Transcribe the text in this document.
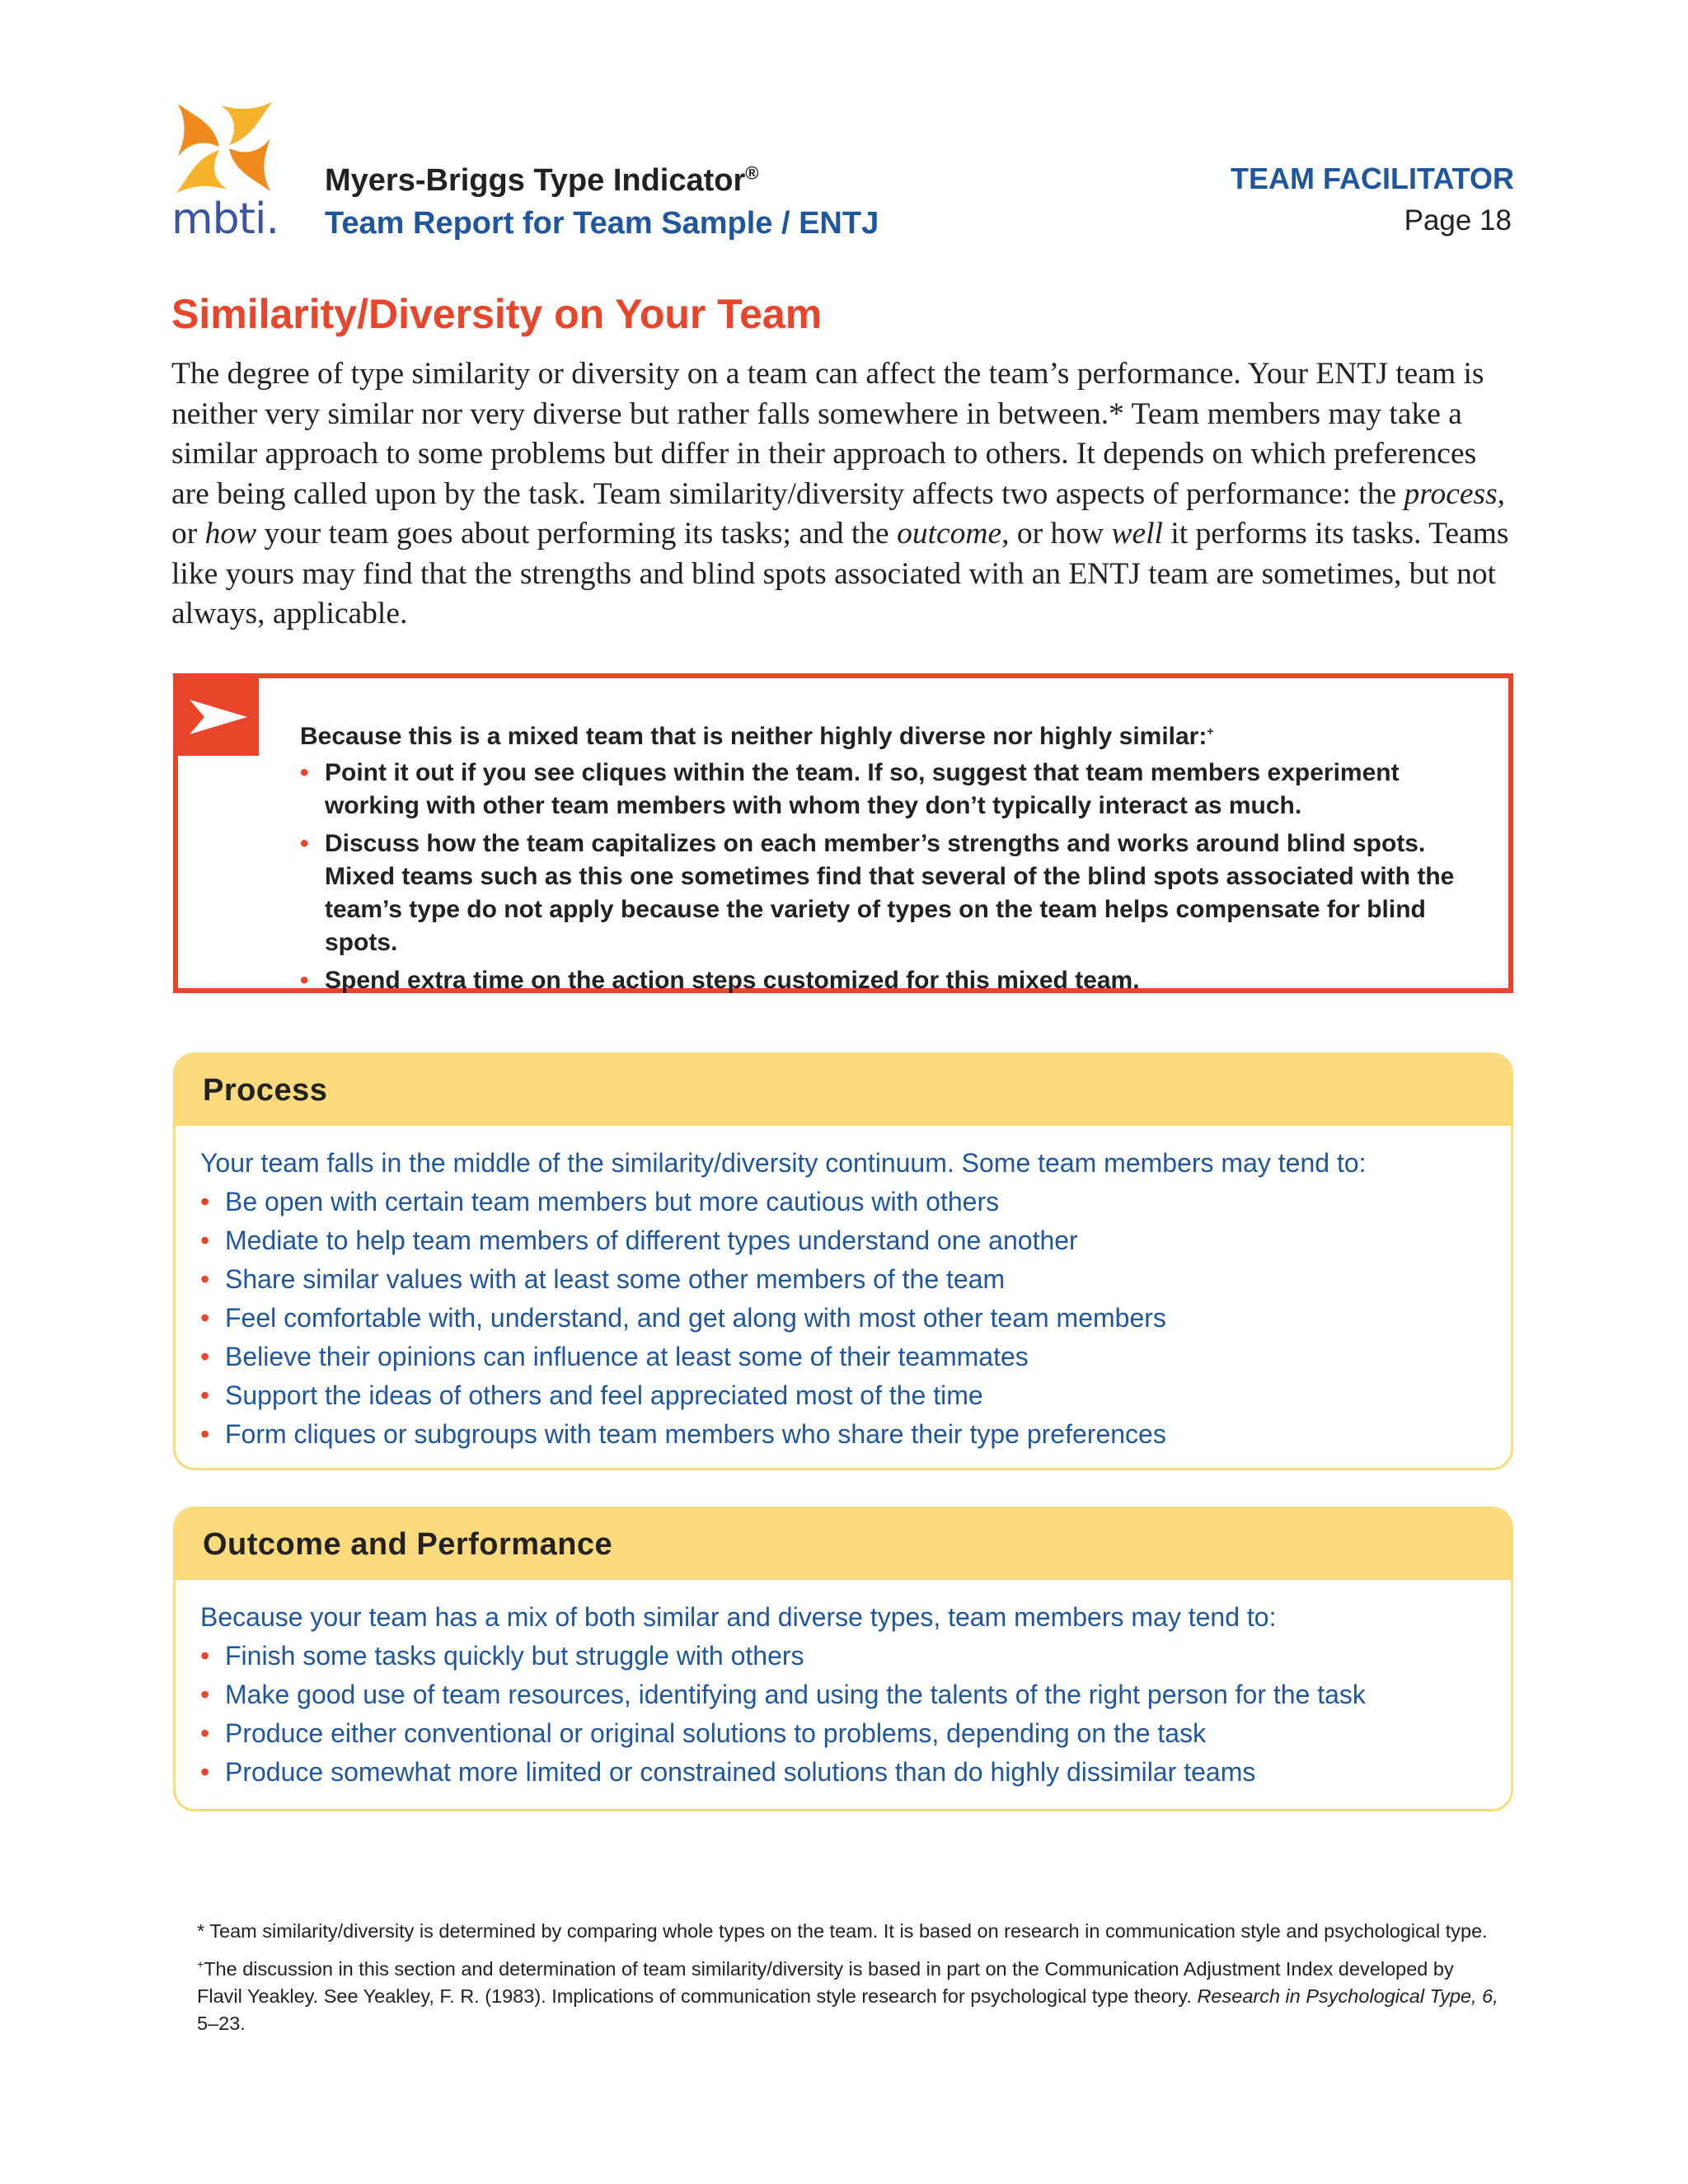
mbti.
Myers-Briggs Type Indicator®
Team Report for Team Sample / ENTJ
TEAM FACILITATOR
Page 18
Similarity/Diversity on Your Team
The degree of type similarity or diversity on a team can affect the team’s performance. Your ENTJ team is neither very similar nor very diverse but rather falls somewhere in between.* Team members may take a similar approach to some problems but differ in their approach to others. It depends on which preferences are being called upon by the task. Team similarity/diversity affects two aspects of performance: the process, or how your team goes about performing its tasks; and the outcome, or how well it performs its tasks. Teams like yours may find that the strengths and blind spots associated with an ENTJ team are sometimes, but not always, applicable.
Because this is a mixed team that is neither highly diverse nor highly similar:+
• Point it out if you see cliques within the team. If so, suggest that team members experiment working with other team members with whom they don’t typically interact as much.
• Discuss how the team capitalizes on each member’s strengths and works around blind spots. Mixed teams such as this one sometimes find that several of the blind spots associated with the team’s type do not apply because the variety of types on the team helps compensate for blind spots.
• Spend extra time on the action steps customized for this mixed team.
Process
Your team falls in the middle of the similarity/diversity continuum. Some team members may tend to:
• Be open with certain team members but more cautious with others
• Mediate to help team members of different types understand one another
• Share similar values with at least some other members of the team
• Feel comfortable with, understand, and get along with most other team members
• Believe their opinions can influence at least some of their teammates
• Support the ideas of others and feel appreciated most of the time
• Form cliques or subgroups with team members who share their type preferences
Outcome and Performance
Because your team has a mix of both similar and diverse types, team members may tend to:
• Finish some tasks quickly but struggle with others
• Make good use of team resources, identifying and using the talents of the right person for the task
• Produce either conventional or original solutions to problems, depending on the task
• Produce somewhat more limited or constrained solutions than do highly dissimilar teams

* Team similarity/diversity is determined by comparing whole types on the team. It is based on research in communication style and psychological type.

+The discussion in this section and determination of team similarity/diversity is based in part on the Communication Adjustment Index developed by Flavil Yeakley. See Yeakley, F. R. (1983). Implications of communication style research for psychological type theory. Research in Psychological Type, 6, 5–23.
